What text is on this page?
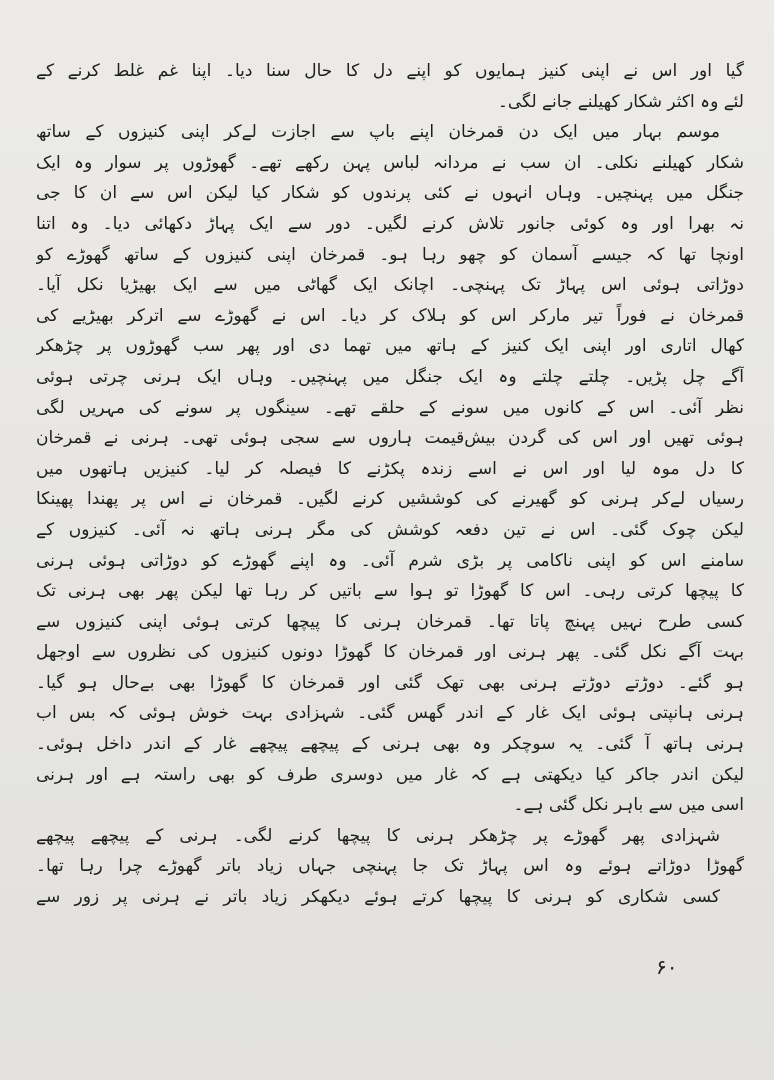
گیا اور اس نے اپنی کنیز ہمایوں کو اپنے دل کا حال سنا دیا۔ اپنا غم غلط کرنے کے
لئے وہ اکثر شکار کھیلنے جانے لگی۔
موسم بہار میں ایک دن قمرخان اپنے باپ سے اجازت لےکر اپنی کنیزوں کے ساتھ
شکار کھیلنے نکلی۔ ان سب نے مردانہ لباس پہن رکھے تھے۔ گھوڑوں پر سوار وہ ایک
جنگل میں پہنچیں۔ وہاں انہوں نے کئی پرندوں کو شکار کیا لیکن اس سے ان کا جی
نہ بھرا اور وہ کوئی جانور تلاش کرنے لگیں۔ دور سے ایک پہاڑ دکھائی دیا۔ وہ اتنا
اونچا تھا کہ جیسے آسمان کو چھو رہا ہو۔ قمرخان اپنی کنیزوں کے ساتھ گھوڑے کو
دوڑاتی ہوئی اس پہاڑ تک پہنچی۔ اچانک ایک گھاٹی میں سے ایک بھیڑیا نکل آیا۔
قمرخان نے فوراً تیر مارکر اس کو ہلاک کر دیا۔ اس نے گھوڑے سے اترکر بھیڑیے کی
کھال اتاری اور اپنی ایک کنیز کے ہاتھ میں تھما دی اور پھر سب گھوڑوں پر چڑھکر
آگے چل پڑیں۔ چلتے چلتے وہ ایک جنگل میں پہنچیں۔ وہاں ایک ہرنی چرتی ہوئی
نظر آئی۔ اس کے کانوں میں سونے کے حلقے تھے۔ سینگوں پر سونے کی مہریں لگی
ہوئی تھیں اور اس کی گردن بیش‌قیمت ہاروں سے سجی ہوئی تھی۔ ہرنی نے قمرخان
کا دل موہ لیا اور اس نے اسے زندہ پکڑنے کا فیصلہ کر لیا۔ کنیزیں ہاتھوں میں
رسیاں لےکر ہرنی کو گھیرنے کی کوششیں کرنے لگیں۔ قمرخان نے اس پر پھندا پھینکا
لیکن چوک گئی۔ اس نے تین دفعہ کوشش کی مگر ہرنی ہاتھ نہ آئی۔ کنیزوں کے
سامنے اس کو اپنی ناکامی پر بڑی شرم آئی۔ وہ اپنے گھوڑے کو دوڑاتی ہوئی ہرنی
کا پیچھا کرتی رہی۔ اس کا گھوڑا تو ہوا سے باتیں کر رہا تھا لیکن پھر بھی ہرنی تک
کسی طرح نہیں پہنچ پاتا تھا۔ قمرخان ہرنی کا پیچھا کرتی ہوئی اپنی کنیزوں سے
بہت آگے نکل گئی۔ پھر ہرنی اور قمرخان کا گھوڑا دونوں کنیزوں کی نظروں سے اوجھل
ہو گئے۔ دوڑتے دوڑتے ہرنی بھی تھک گئی اور قمرخان کا گھوڑا بھی بےحال ہو گیا۔
ہرنی ہانپتی ہوئی ایک غار کے اندر گھس گئی۔ شہزادی بہت خوش ہوئی کہ بس اب
ہرنی ہاتھ آ گئی۔ یہ سوچکر وہ بھی ہرنی کے پیچھے پیچھے غار کے اندر داخل ہوئی۔
لیکن اندر جاکر کیا دیکھتی ہے کہ غار میں دوسری طرف کو بھی راستہ ہے اور ہرنی
اسی میں سے باہر نکل گئی ہے۔
شہزادی پھر گھوڑے پر چڑھکر ہرنی کا پیچھا کرنے لگی۔ ہرنی کے پیچھے پیچھے
گھوڑا دوڑاتے ہوئے وہ اس پہاڑ تک جا پہنچی جہاں زیاد باتر گھوڑے چرا رہا تھا۔
کسی شکاری کو ہرنی کا پیچھا کرتے ہوئے دیکھکر زیاد باتر نے ہرنی پر زور سے
۶۰
